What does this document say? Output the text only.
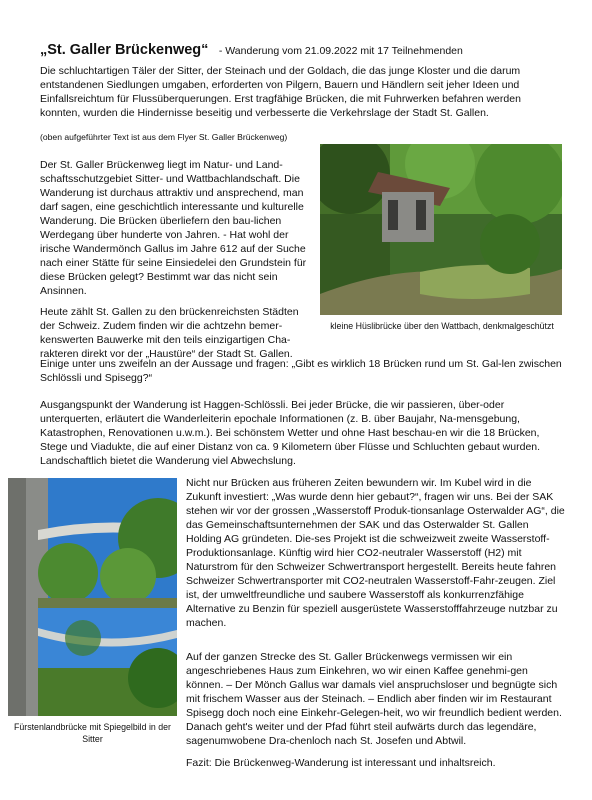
„St. Galler Brückenweg“ - Wanderung vom 21.09.2022 mit 17 Teilnehmenden

Die schluchtartigen Täler der Sitter, der Steinach und der Goldach, die das junge Kloster und die darum entstandenen Siedlungen umgaben, erforderten von Pilgern, Bauern und Händlern seit jeher Ideen und Einfallsreichtum für Flussüberquerungen. Erst tragfähige Brücken, die mit Fuhrwerken befahren werden konnten, wurden die Hindernisse beseitig und verbesserte die Verkehrslage der Stadt St. Gallen.

(oben aufgeführter Text ist aus dem Flyer St. Galler Brückenweg)

Der St. Galler Brückenweg liegt im Natur- und Land-schaftsschutzgebiet Sitter- und Wattbachlandschaft. Die Wanderung ist durchaus attraktiv und ansprechend, man darf sagen, eine geschichtlich interessante und kulturelle Wanderung. Die Brücken überliefern den bau-lichen Werdegang über hunderte von Jahren. - Hat wohl der irische Wandermönch Gallus im Jahre 612 auf der Suche nach einer Stätte für seine Einsiedelei den Grundstein für diese Brücken gelegt? Bestimmt war das nicht sein Ansinnen.

kleine Hüslibrücke über den Wattbach, denkmalgeschützt

Heute zählt St. Gallen zu den brückenreichsten Städten der Schweiz. Zudem finden wir die achtzehn bemer-kenswerten Bauwerke mit den teils einzigartigen Cha-rakteren direkt vor der „Haustüre“ der Stadt St. Gallen.

Einige unter uns zweifeln an der Aussage und fragen: „Gibt es wirklich 18 Brücken rund um St. Gal-len zwischen Schlössli und Spisegg?“

Ausgangspunkt der Wanderung ist Haggen-Schlössli. Bei jeder Brücke, die wir passieren, über-oder unterquerten, erläutert die Wanderleiterin epochale Informationen (z. B. über Baujahr, Na-mensgebung, Katastrophen, Renovationen u.w.m.). Bei schönstem Wetter und ohne Hast beschau-en wir die 18 Brücken, Stege und Viadukte, die auf einer Distanz von ca. 9 Kilometern über Flüsse und Schluchten gebaut wurden. Landschaftlich bietet die Wanderung viel Abwechslung.

Fürstenlandbrücke mit Spiegelbild in der Sitter

Nicht nur Brücken aus früheren Zeiten bewundern wir. Im Kubel wird in die Zukunft investiert: „Was wurde denn hier gebaut?“, fragen wir uns. Bei der SAK stehen wir vor der grossen „Wasserstoff Produk-tionsanlage Osterwalder AG“, die das Gemeinschaftsunternehmen der SAK und das Osterwalder St. Gallen Holding AG gründeten. Die-ses Projekt ist die schweizweit zweite Wasserstoff-Produktionsanlage. Künftig wird hier CO2-neutraler Wasserstoff (H2) mit Naturstrom für den Schweizer Schwertransport hergestellt. Bereits heute fahren Schweizer Schwertransporter mit CO2-neutralen Wasserstoff-Fahr-zeugen. Ziel ist, der umweltfreundliche und saubere Wasserstoff als konkurrenzfähige Alternative zu Benzin für speziell ausgerüstete Wasserstofffahrzeuge nutzbar zu machen.

Auf der ganzen Strecke des St. Galler Brückenwegs vermissen wir ein angeschriebenes Haus zum Einkehren, wo wir einen Kaffee genehmi-gen können. – Der Mönch Gallus war damals viel anspruchsloser und begnügte sich mit frischem Wasser aus der Steinach. – Endlich aber finden wir im Restaurant Spisegg doch noch eine Einkehr-Gelegen-heit, wo wir freundlich bedient werden. Danach geht's weiter und der Pfad führt steil aufwärts durch das legendäre, sagenumwobene Dra-chenloch nach St. Josefen und Abtwil.

Fazit: Die Brückenweg-Wanderung ist interessant und inhaltsreich.
